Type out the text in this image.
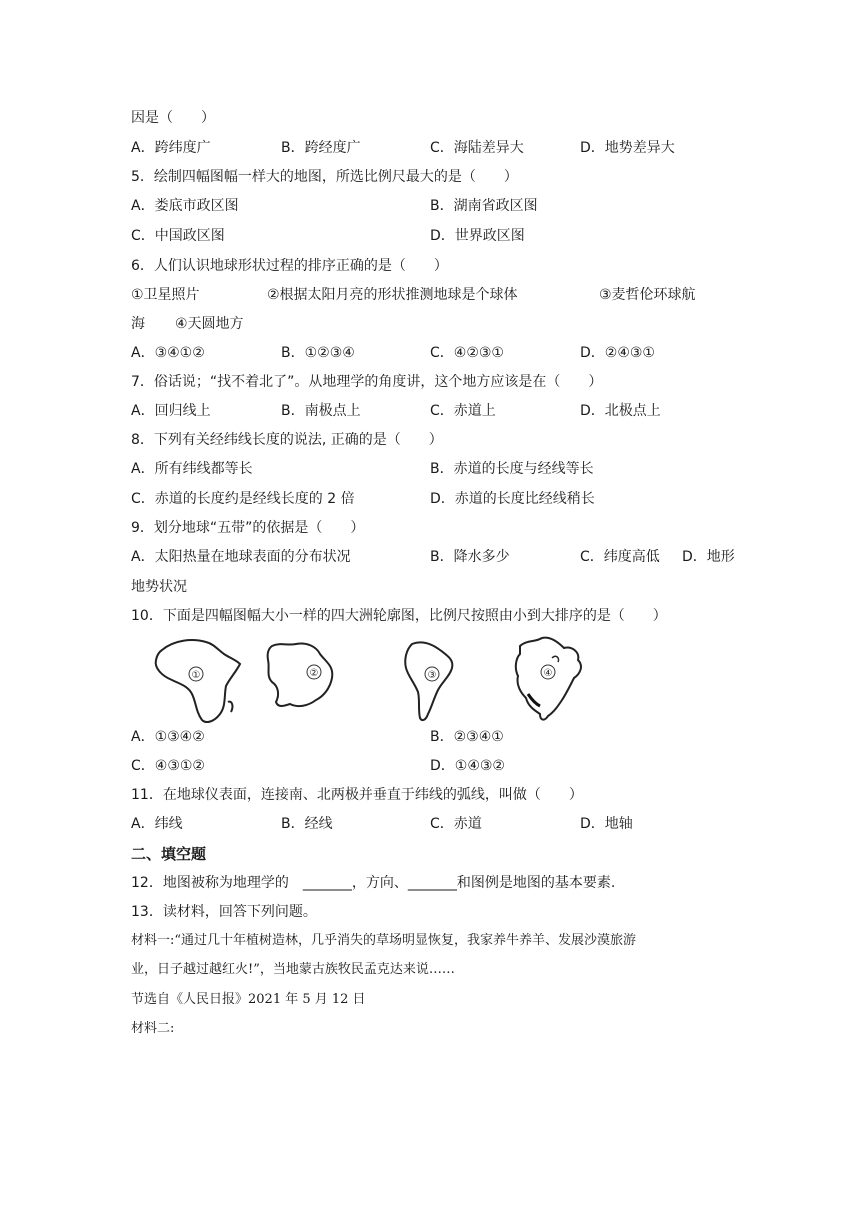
因是（　　）
A．跨纬度广	B．跨经度广	C．海陆差异大	D．地势差异大
5．绘制四幅图幅一样大的地图，所选比例尺最大的是（　　）
A．娄底市政区图	B．湖南省政区图
C．中国政区图	D．世界政区图
6．人们认识地球形状过程的排序正确的是（　　）
①卫星照片	②根据太阳月亮的形状推测地球是个球体	③麦哲伦环球航
海 ④天圆地方
A．③④①②	B．①②③④	C．④②③①	D．②④③①
7．俗话说；“找不着北了”。从地理学的角度讲，这个地方应该是在（　　）
A．回归线上	B．南极点上	C．赤道上	D．北极点上
8．下列有关经纬线长度的说法, 正确的是（　　）
A．所有纬线都等长	B．赤道的长度与经线等长
C．赤道的长度约是经线长度的 2 倍	D．赤道的长度比经线稍长
9．划分地球“五带”的依据是（　　）
A．太阳热量在地球表面的分布状况	B．降水多少	C．纬度高低 D．地形
地势状况
10．下面是四幅图幅大小一样的四大洲轮廓图，比例尺按照由小到大排序的是（　　）
①	②	③	④
A．①③④②	B．②③④①
C．④③①②	D．①④③②
11．在地球仪表面，连接南、北两极并垂直于纬线的弧线，叫做（　　）
A．纬线	B．经线	C．赤道	D．地轴
二、填空题
12．地图被称为地理学的　_______，方向、_______和图例是地图的基本要素.
13．读材料，回答下列问题。
材料一:“通过几十年植树造林，几乎消失的草场明显恢复，我家养牛养羊、发展沙漠旅游
业，日子越过越红火!”，当地蒙古族牧民孟克达来说……
节选自《人民日报》2021 年 5 月 12 日
材料二:
